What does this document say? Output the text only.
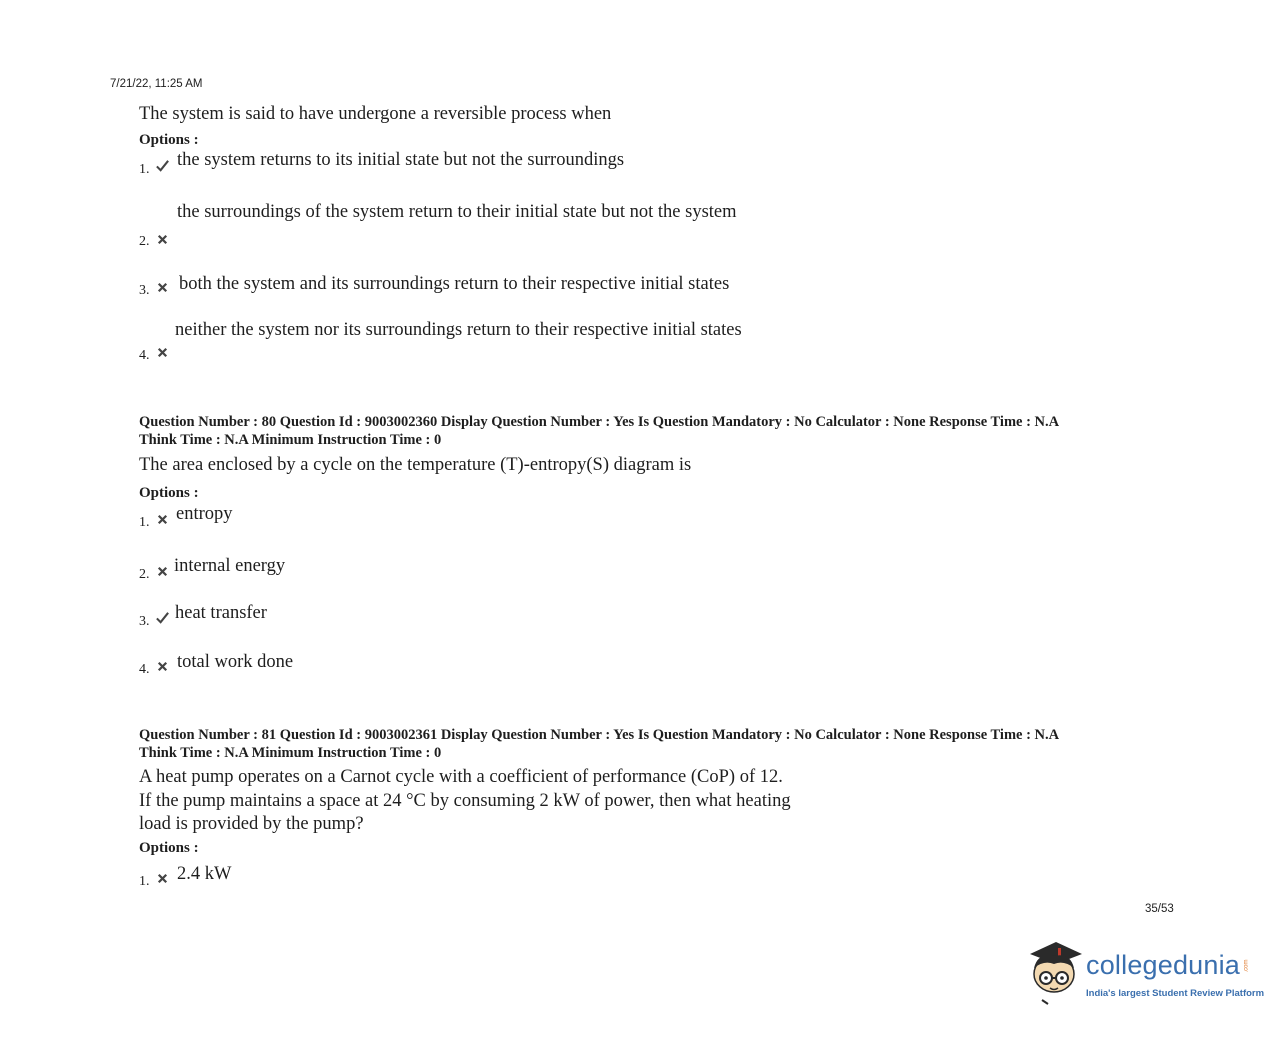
7/21/22, 11:25 AM
The system is said to have undergone a reversible process when
Options :
1. the system returns to its initial state but not the surroundings
the surroundings of the system return to their initial state but not the system
2.
3. both the system and its surroundings return to their respective initial states
neither the system nor its surroundings return to their respective initial states
4.
Question Number : 80 Question Id : 9003002360 Display Question Number : Yes Is Question Mandatory : No Calculator : None Response Time : N.A
Think Time : N.A Minimum Instruction Time : 0
The area enclosed by a cycle on the temperature (T)-entropy(S) diagram is
Options :
1. entropy
2. internal energy
3. heat transfer
4. total work done
Question Number : 81 Question Id : 9003002361 Display Question Number : Yes Is Question Mandatory : No Calculator : None Response Time : N.A
Think Time : N.A Minimum Instruction Time : 0
A heat pump operates on a Carnot cycle with a coefficient of performance (CoP) of 12.
If the pump maintains a space at 24 °C by consuming 2 kW of power, then what heating
load is provided by the pump?
Options :
1. 2.4 kW
35/53
collegedunia .com
India's largest Student Review Platform
